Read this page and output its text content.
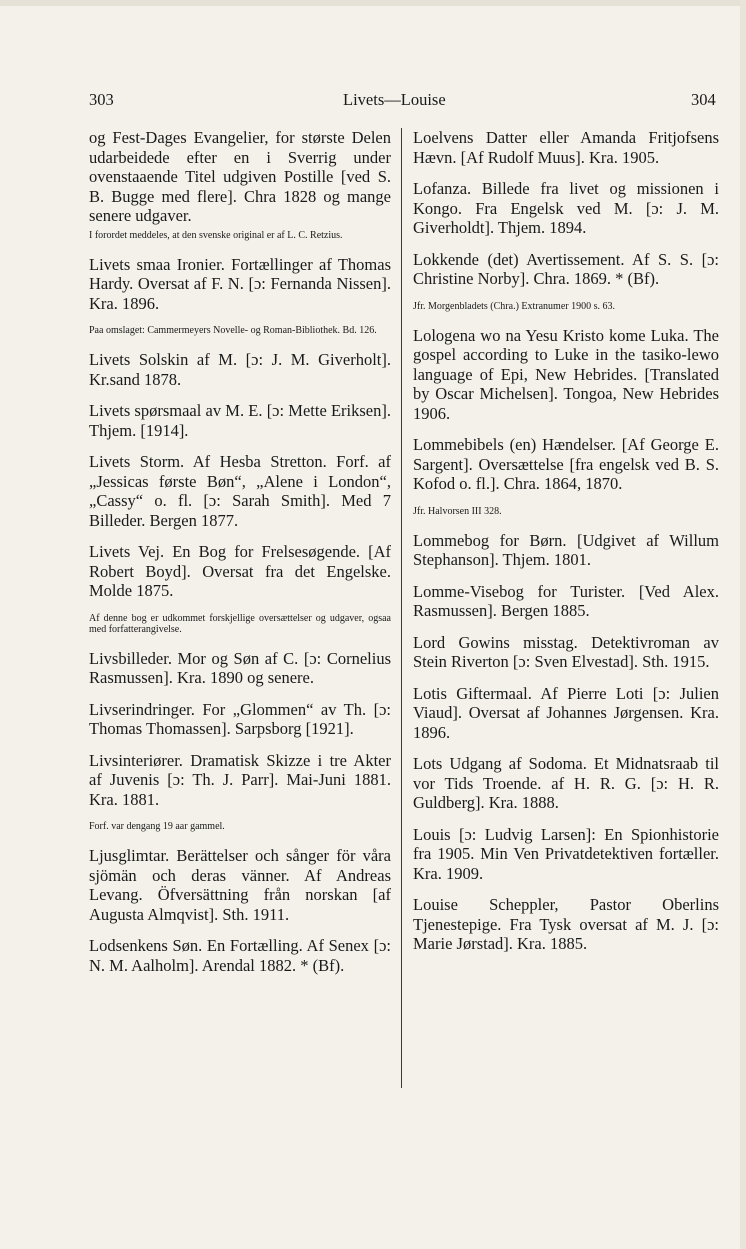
303	Livets—Louise	304

og Fest-Dages Evangelier, for største Delen udarbeidede efter en i Sverrig under ovenstaaende Titel udgiven Postille [ved S. B. Bugge med flere]. Chra 1828 og mange senere udgaver.

I forordet meddeles, at den svenske original er af L. C. Retzius.

Livets smaa Ironier. Fortællinger af Thomas Hardy. Oversat af F. N. [ɔ: Fernanda Nissen]. Kra. 1896.

Paa omslaget: Cammermeyers Novelle- og Roman-Bibliothek. Bd. 126.

Livets Solskin af M. [ɔ: J. M. Giverholt]. Kr.sand 1878.

Livets spørsmaal av M. E. [ɔ: Mette Eriksen]. Thjem. [1914].

Livets Storm. Af Hesba Stretton. Forf. af „Jessicas første Bøn“, „Alene i London“, „Cassy“ o. fl. [ɔ: Sarah Smith]. Med 7 Billeder. Bergen 1877.

Livets Vej. En Bog for Frelsesøgende. [Af Robert Boyd]. Oversat fra det Engelske. Molde 1875.

Af denne bog er udkommet forskjellige oversættelser og udgaver, ogsaa med forfatterangivelse.

Livsbilleder. Mor og Søn af C. [ɔ: Cornelius Rasmussen]. Kra. 1890 og senere.

Livserindringer. For „Glommen“ av Th. [ɔ: Thomas Thomassen]. Sarpsborg [1921].

Livsinteriører. Dramatisk Skizze i tre Akter af Juvenis [ɔ: Th. J. Parr]. Mai-Juni 1881. Kra. 1881.

Forf. var dengang 19 aar gammel.

Ljusglimtar. Berättelser och sånger för våra sjömän och deras vänner. Af Andreas Levang. Öfversättning från norskan [af Augusta Almqvist]. Sth. 1911.

Lodsenkens Søn. En Fortælling. Af Senex [ɔ: N. M. Aalholm]. Arendal 1882. * (Bf).

Loelvens Datter eller Amanda Fritjofsens Hævn. [Af Rudolf Muus]. Kra. 1905.

Lofanza. Billede fra livet og missionen i Kongo. Fra Engelsk ved M. [ɔ: J. M. Giverholdt]. Thjem. 1894.

Lokkende (det) Avertissement. Af S. S. [ɔ: Christine Norby]. Chra. 1869. * (Bf).

Jfr. Morgenbladets (Chra.) Extranumer 1900 s. 63.

Lologena wo na Yesu Kristo kome Luka. The gospel according to Luke in the tasiko-lewo language of Epi, New Hebrides. [Translated by Oscar Michelsen]. Tongoa, New Hebrides 1906.

Lommebibels (en) Hændelser. [Af George E. Sargent]. Oversættelse [fra engelsk ved B. S. Kofod o. fl.]. Chra. 1864, 1870.

Jfr. Halvorsen III 328.

Lommebog for Børn. [Udgivet af Willum Stephanson]. Thjem. 1801.

Lomme-Visebog for Turister. [Ved Alex. Rasmussen]. Bergen 1885.

Lord Gowins misstag. Detektivroman av Stein Riverton [ɔ: Sven Elvestad]. Sth. 1915.

Lotis Giftermaal. Af Pierre Loti [ɔ: Julien Viaud]. Oversat af Johannes Jørgensen. Kra. 1896.

Lots Udgang af Sodoma. Et Midnatsraab til vor Tids Troende. af H. R. G. [ɔ: H. R. Guldberg]. Kra. 1888.

Louis [ɔ: Ludvig Larsen]: En Spionhistorie fra 1905. Min Ven Privatdetektiven fortæller. Kra. 1909.

Louise Scheppler, Pastor Oberlins Tjenestepige. Fra Tysk oversat af M. J. [ɔ: Marie Jørstad]. Kra. 1885.
